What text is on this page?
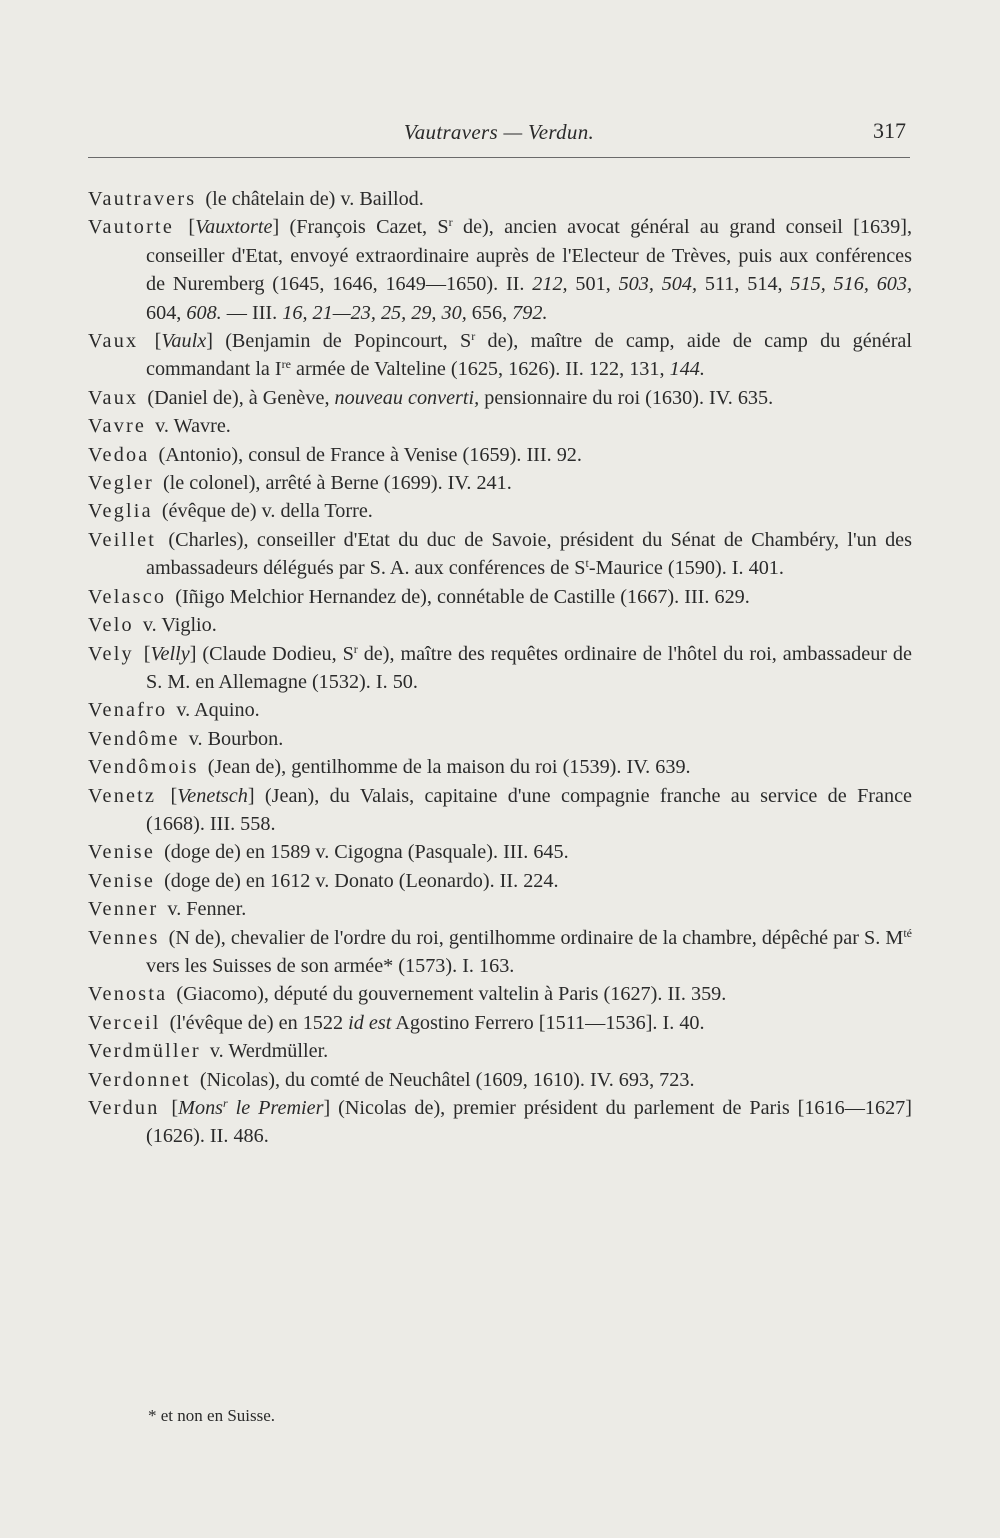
Vautravers — Verdun.	317

Vautravers (le châtelain de) v. Baillod.

Vautorte [Vauxtorte] (François Cazet, $S^r$ de), ancien avocat général au grand conseil [1639], conseiller d'Etat, envoyé extraordinaire auprès de l'Electeur de Trèves, puis aux conférences de Nuremberg (1645, 1646, 1649—1650). II. 212, 501, 503, 504, 511, 514, 515, 516, 603, 604, 608. — III. 16, 21—23, 25, 29, 30, 656, 792.

Vaux [Vaulx] (Benjamin de Popincourt, $S^r$ de), maître de camp, aide de camp du général commandant la Ire armée de Valteline (1625, 1626). II. 122, 131, 144.

Vaux (Daniel de), à Genève, nouveau converti, pensionnaire du roi (1630). IV. 635.

Vavre v. Wavre.

Vedoa (Antonio), consul de France à Venise (1659). III. 92.

Vegler (le colonel), arrêté à Berne (1699). IV. 241.

Veglia (évêque de) v. della Torre.

Veillet (Charles), conseiller d'Etat du duc de Savoie, président du Sénat de Chambéry, l'un des ambassadeurs délégués par S. A. aux conférences de $S^t$-Maurice (1590). I. 401.

Velasco (Iñigo Melchior Hernandez de), connétable de Castille (1667). III. 629.

Velo v. Viglio.

Vely [Velly] (Claude Dodieu, $S^r$ de), maître des requêtes ordinaire de l'hôtel du roi, ambassadeur de S. M. en Allemagne (1532). I. 50.

Venafro v. Aquino.

Vendôme v. Bourbon.

Vendômois (Jean de), gentilhomme de la maison du roi (1539). IV. 639.

Venetz [Venetsch] (Jean), du Valais, capitaine d'une compagnie franche au service de France (1668). III. 558.

Venise (doge de) en 1589 v. Cigogna (Pasquale). III. 645.

Venise (doge de) en 1612 v. Donato (Leonardo). II. 224.

Venner v. Fenner.

Vennes (N de), chevalier de l'ordre du roi, gentilhomme ordinaire de la chambre, dépêché par S. $M^{té}$ vers les Suisses de son armée* (1573). I. 163.

Venosta (Giacomo), député du gouvernement valtelin à Paris (1627). II. 359.

Verceil (l'évêque de) en 1522 id est Agostino Ferrero [1511—1536]. I. 40.

Verdmüller v. Werdmüller.

Verdonnet (Nicolas), du comté de Neuchâtel (1609, 1610). IV. 693, 723.

Verdun [Mons$^r$ le Premier] (Nicolas de), premier président du parlement de Paris [1616—1627] (1626). II. 486.

* et non en Suisse.
